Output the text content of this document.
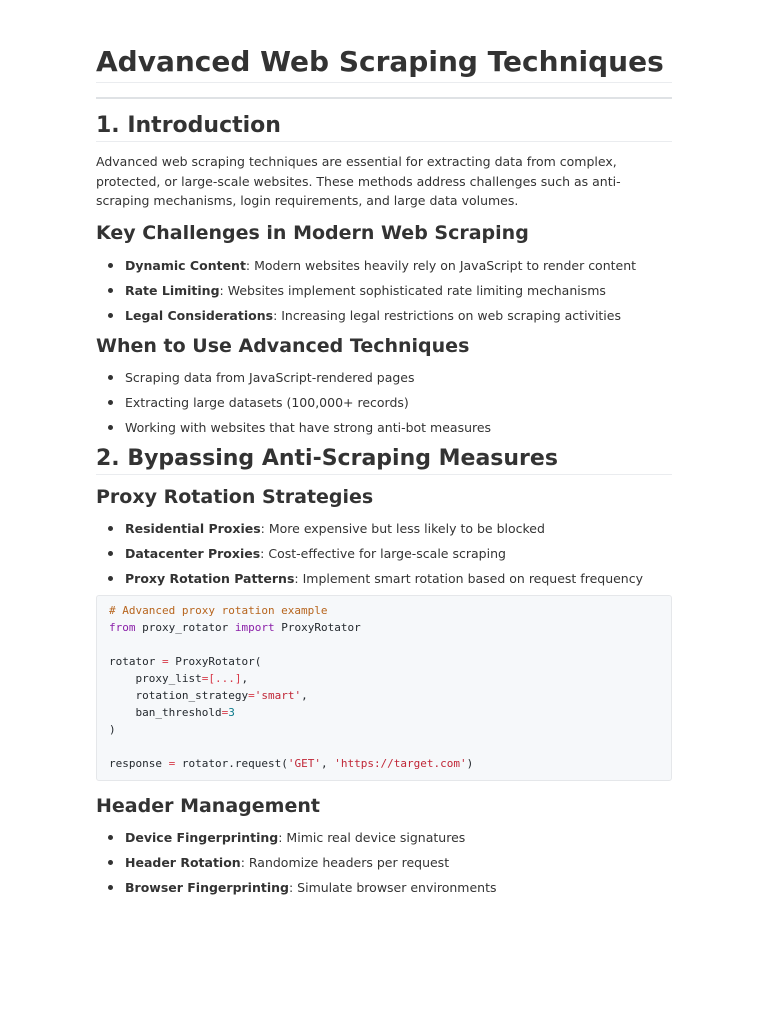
Advanced Web Scraping Techniques
1. Introduction

Advanced web scraping techniques are essential for extracting data from complex, protected, or large-scale websites. These methods address challenges such as anti-scraping mechanisms, login requirements, and large data volumes.

Key Challenges in Modern Web Scraping
Dynamic Content: Modern websites heavily rely on JavaScript to render content
Rate Limiting: Websites implement sophisticated rate limiting mechanisms
Legal Considerations: Increasing legal restrictions on web scraping activities
When to Use Advanced Techniques
Scraping data from JavaScript-rendered pages
Extracting large datasets (100,000+ records)
Working with websites that have strong anti-bot measures
2. Bypassing Anti-Scraping Measures
Proxy Rotation Strategies
Residential Proxies: More expensive but less likely to be blocked
Datacenter Proxies: Cost-effective for large-scale scraping
Proxy Rotation Patterns: Implement smart rotation based on request frequency
# Advanced proxy rotation example
from proxy_rotator import ProxyRotator

rotator = ProxyRotator(
proxy_list=[...],
rotation_strategy='smart',
ban_threshold=3
)

response = rotator.request('GET', 'https://target.com')
Header Management
Device Fingerprinting: Mimic real device signatures
Header Rotation: Randomize headers per request
Browser Fingerprinting: Simulate browser environments
